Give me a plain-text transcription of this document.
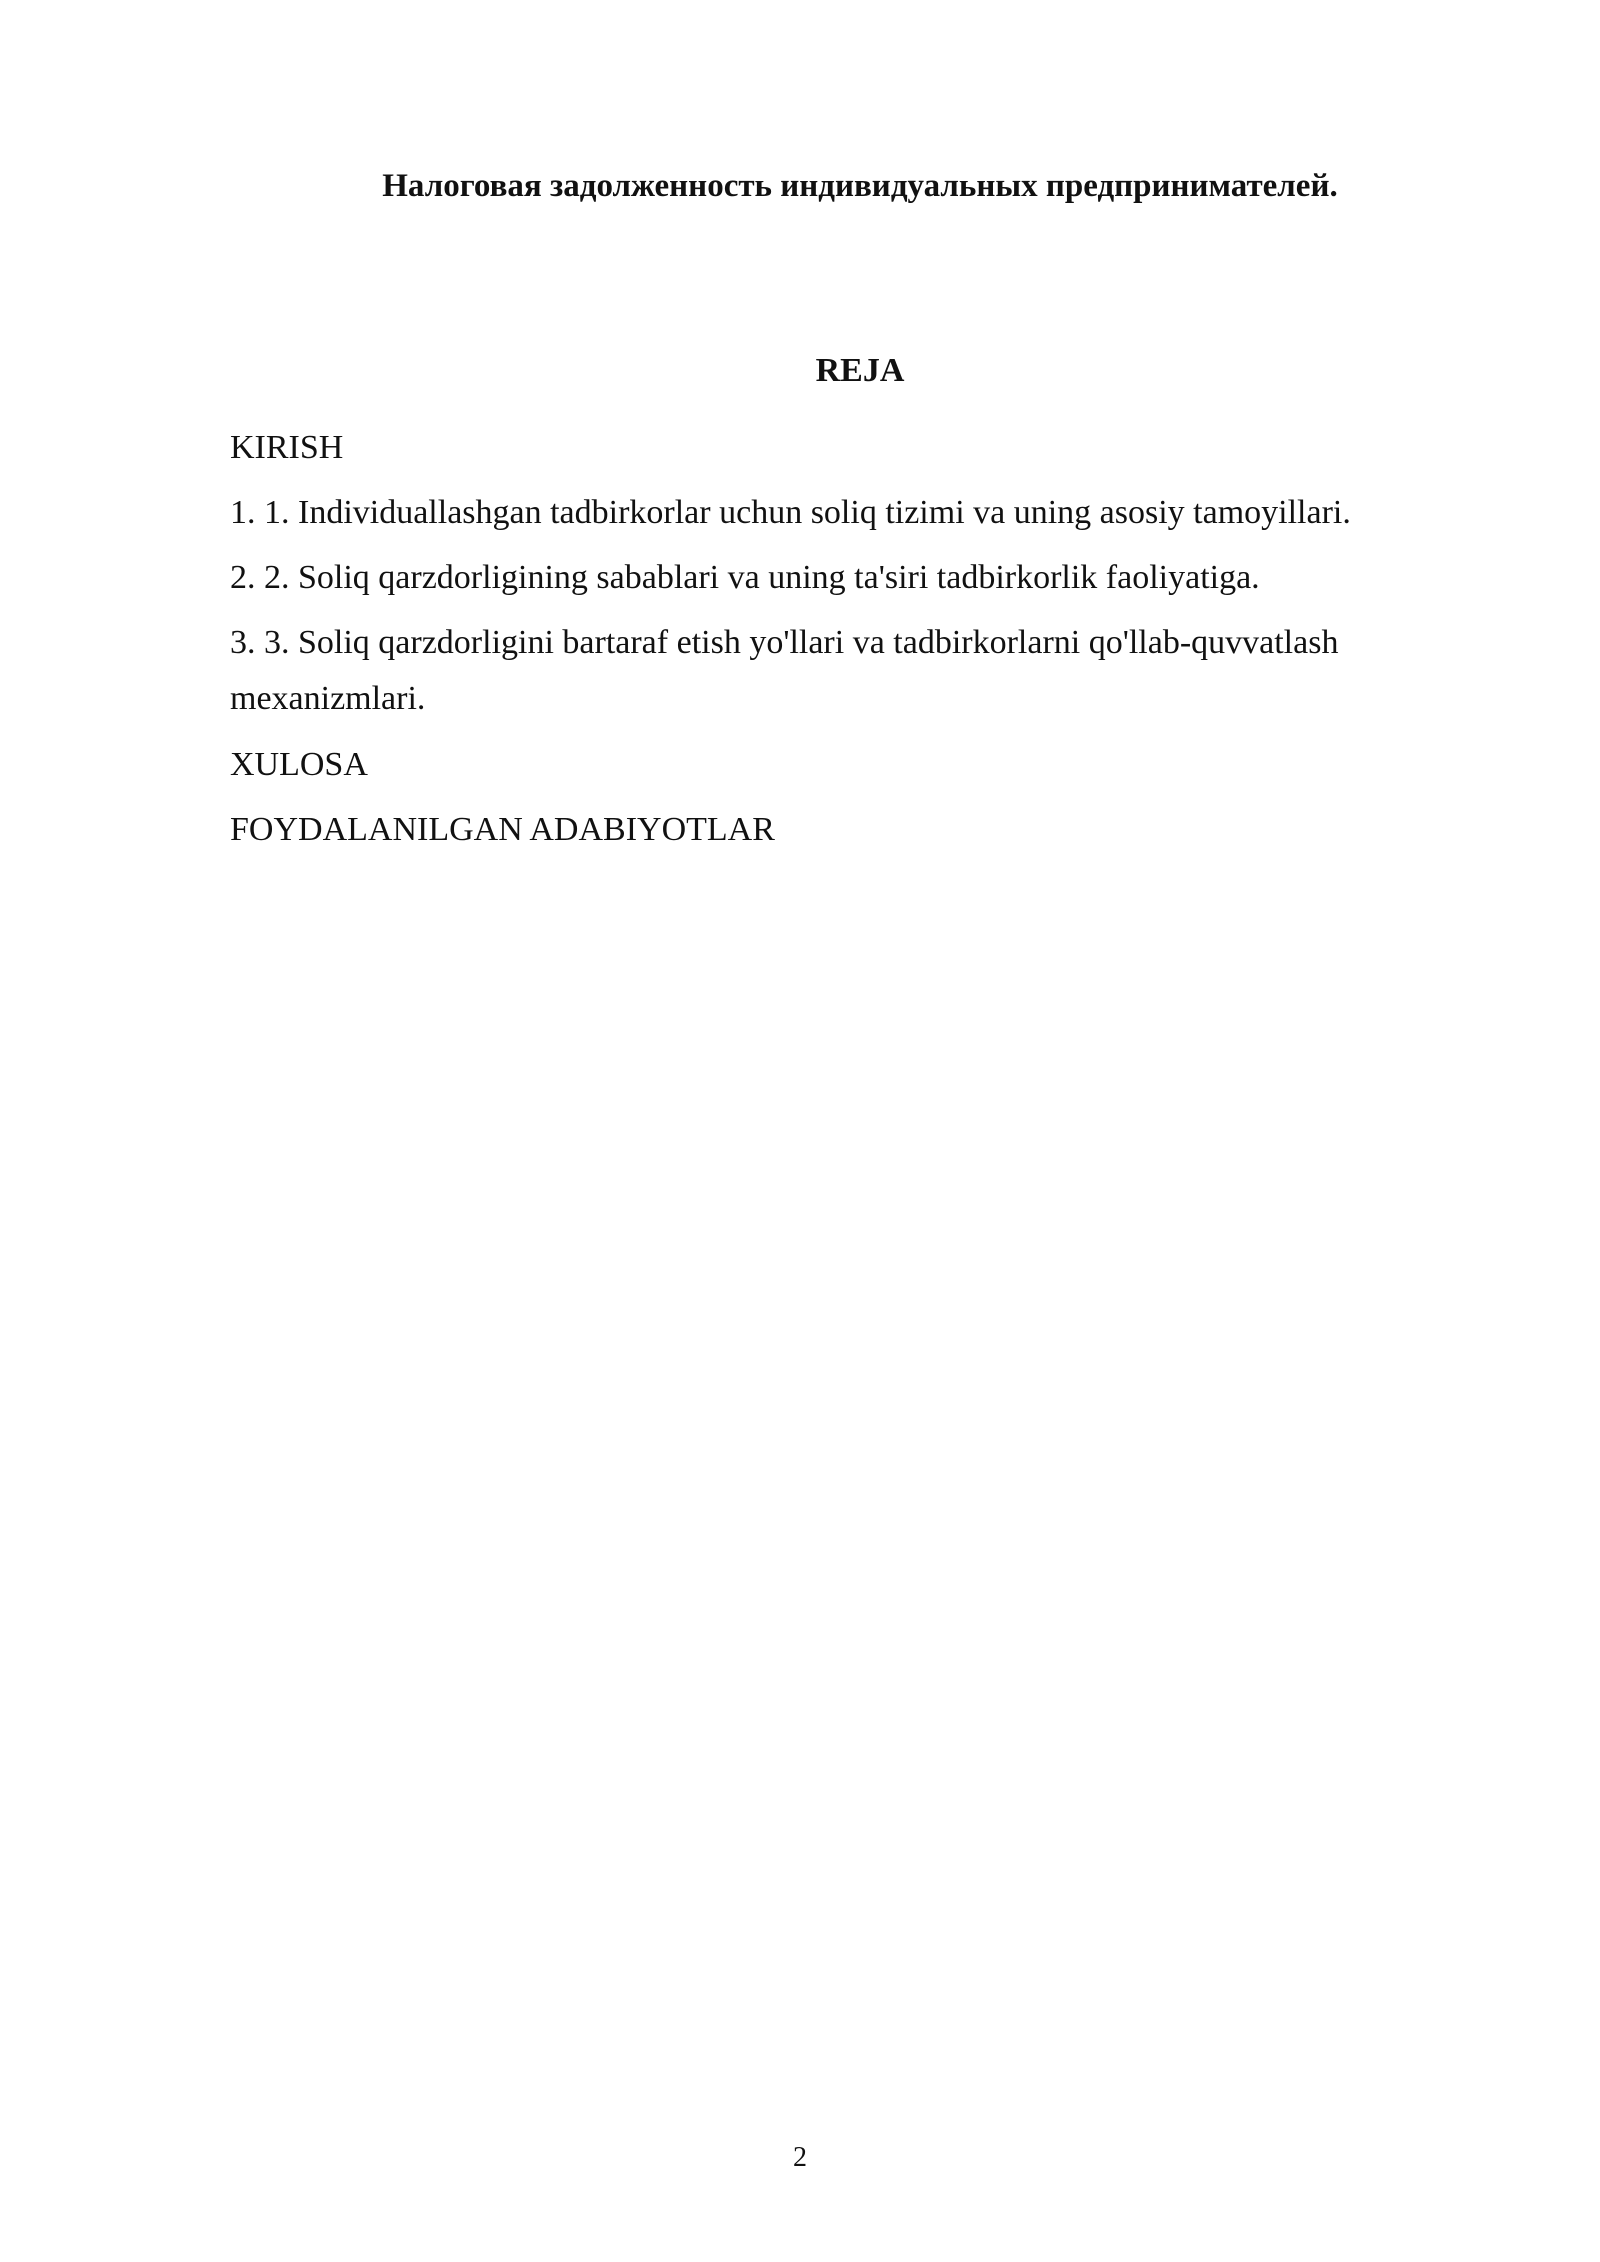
Налоговая задолженность индивидуальных предпринимателей.
REJA
KIRISH
1. 1. Individuallashgan tadbirkorlar uchun soliq tizimi va uning asosiy tamoyillari.
2. 2. Soliq qarzdorligining sabablari va uning ta'siri tadbirkorlik faoliyatiga.
3. 3. Soliq qarzdorligini bartaraf etish yo'llari va tadbirkorlarni qo'llab-quvvatlash mexanizmlari.
XULOSA
FOYDALANILGAN ADABIYOTLAR
2
